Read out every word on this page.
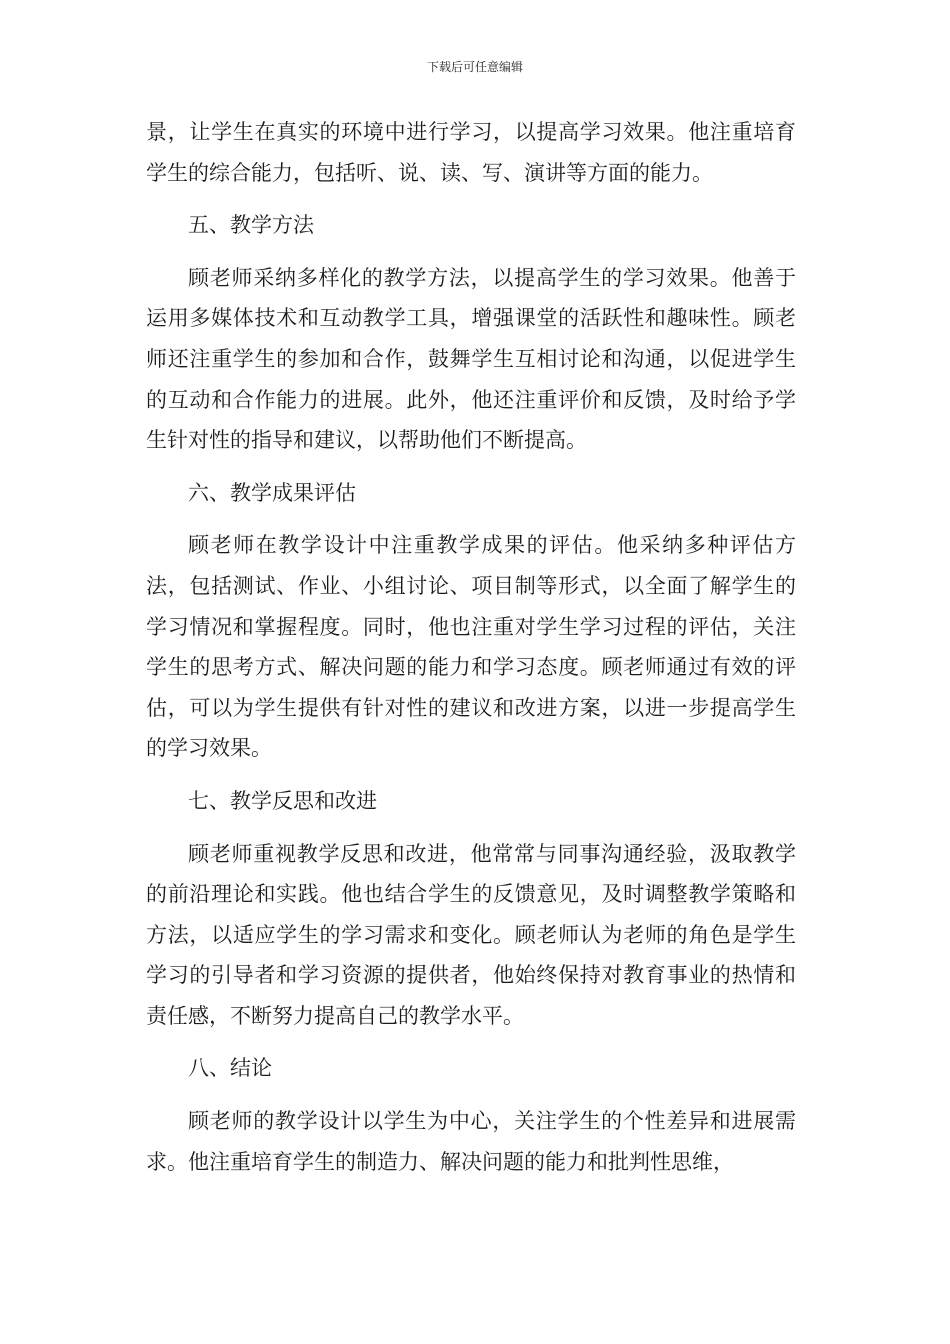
下载后可任意编辑

景，让学生在真实的环境中进行学习，以提高学习效果。他注重培育学生的综合能力，包括听、说、读、写、演讲等方面的能力。

五、教学方法

顾老师采纳多样化的教学方法，以提高学生的学习效果。他善于运用多媒体技术和互动教学工具，增强课堂的活跃性和趣味性。顾老师还注重学生的参加和合作，鼓舞学生互相讨论和沟通，以促进学生的互动和合作能力的进展。此外，他还注重评价和反馈，及时给予学生针对性的指导和建议，以帮助他们不断提高。

六、教学成果评估

顾老师在教学设计中注重教学成果的评估。他采纳多种评估方法，包括测试、作业、小组讨论、项目制等形式，以全面了解学生的学习情况和掌握程度。同时，他也注重对学生学习过程的评估，关注学生的思考方式、解决问题的能力和学习态度。顾老师通过有效的评估，可以为学生提供有针对性的建议和改进方案，以进一步提高学生的学习效果。

七、教学反思和改进

顾老师重视教学反思和改进，他常常与同事沟通经验，汲取教学的前沿理论和实践。他也结合学生的反馈意见，及时调整教学策略和方法，以适应学生的学习需求和变化。顾老师认为老师的角色是学生学习的引导者和学习资源的提供者，他始终保持对教育事业的热情和责任感，不断努力提高自己的教学水平。

八、结论

顾老师的教学设计以学生为中心，关注学生的个性差异和进展需求。他注重培育学生的制造力、解决问题的能力和批判性思维，
